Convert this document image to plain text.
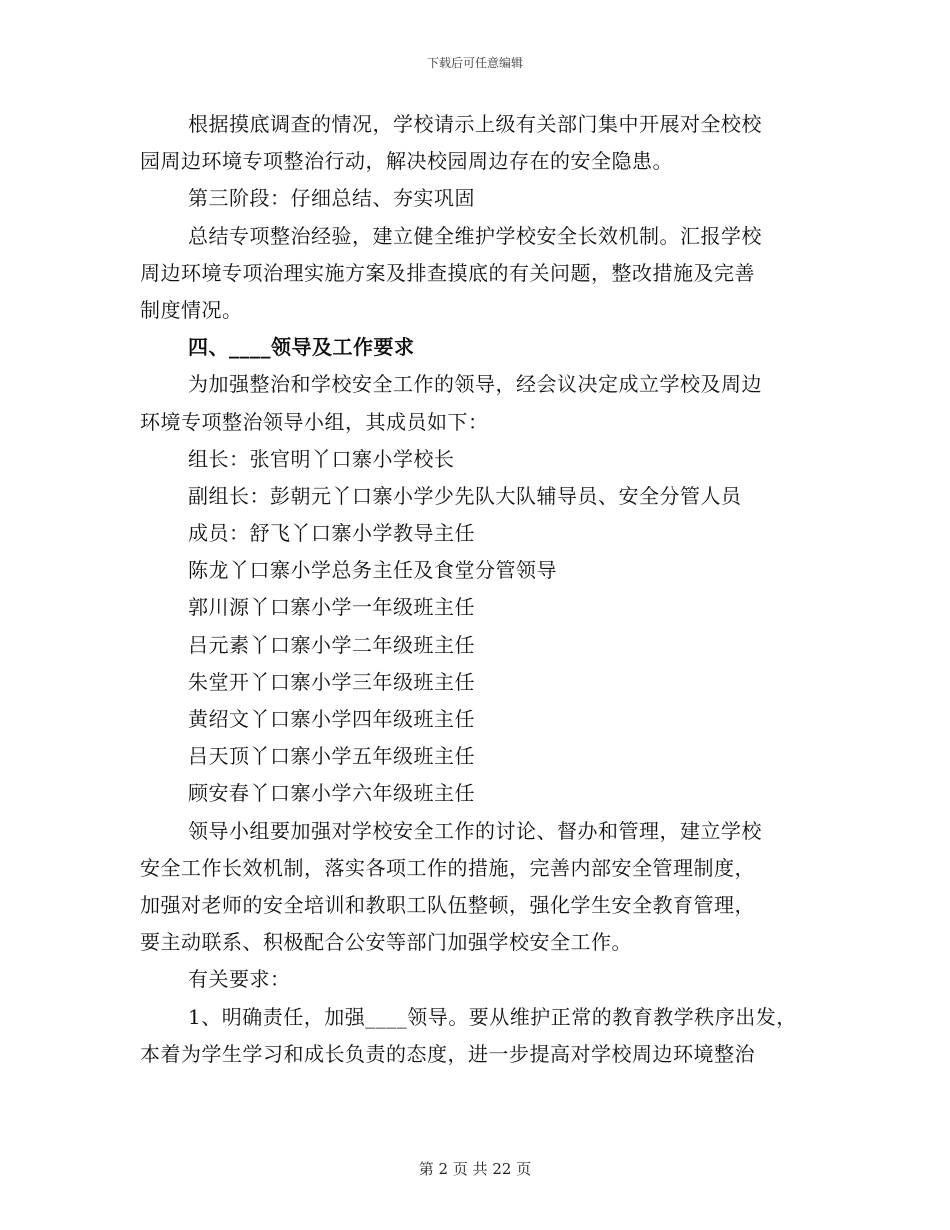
下载后可任意编辑
根据摸底调查的情况，学校请示上级有关部门集中开展对全校校
园周边环境专项整治行动，解决校园周边存在的安全隐患。
第三阶段：仔细总结、夯实巩固
总结专项整治经验，建立健全维护学校安全长效机制。汇报学校
周边环境专项治理实施方案及排查摸底的有关问题，整改措施及完善
制度情况。
四、____领导及工作要求
为加强整治和学校安全工作的领导，经会议决定成立学校及周边
环境专项整治领导小组，其成员如下：
组长：张官明丫口寨小学校长
副组长：彭朝元丫口寨小学少先队大队辅导员、安全分管人员
成员：舒飞丫口寨小学教导主任
陈龙丫口寨小学总务主任及食堂分管领导
郭川源丫口寨小学一年级班主任
吕元素丫口寨小学二年级班主任
朱堂开丫口寨小学三年级班主任
黄绍文丫口寨小学四年级班主任
吕天顶丫口寨小学五年级班主任
顾安春丫口寨小学六年级班主任
领导小组要加强对学校安全工作的讨论、督办和管理，建立学校
安全工作长效机制，落实各项工作的措施，完善内部安全管理制度，
加强对老师的安全培训和教职工队伍整顿，强化学生安全教育管理，
要主动联系、积极配合公安等部门加强学校安全工作。
有关要求：
1、明确责任，加强____领导。要从维护正常的教育教学秩序出发，
本着为学生学习和成长负责的态度，进一步提高对学校周边环境整治
第 2 页 共 22 页
